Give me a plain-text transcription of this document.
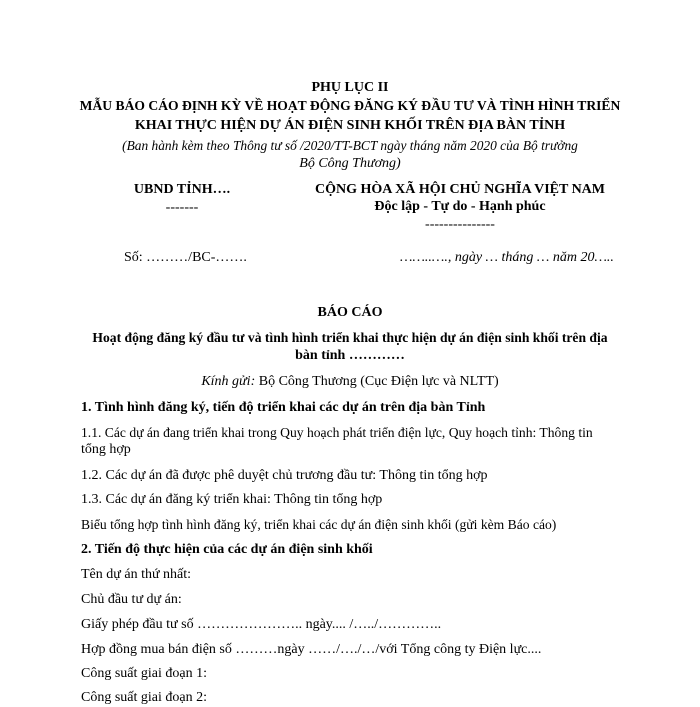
PHỤ LỤC II
MẪU BÁO CÁO ĐỊNH KỲ VỀ HOẠT ĐỘNG ĐĂNG KÝ ĐẦU TƯ VÀ TÌNH HÌNH TRIỂN
KHAI THỰC HIỆN DỰ ÁN ĐIỆN SINH KHỐI TRÊN ĐỊA BÀN TỈNH
(Ban hành kèm theo Thông tư số /2020/TT-BCT ngày tháng năm 2020 của Bộ trưởng
Bộ Công Thương)
UBND TỈNH….
-------
Số: ………/BC-…….
CỘNG HÒA XÃ HỘI CHỦ NGHĨA VIỆT NAM
Độc lập - Tự do - Hạnh phúc
---------------
……..…., ngày … tháng … năm 20…..
BÁO CÁO
Hoạt động đăng ký đầu tư và tình hình triển khai thực hiện dự án điện sinh khối trên địa
bàn tỉnh …………
Kính gửi: Bộ Công Thương (Cục Điện lực và NLTT)
1. Tình hình đăng ký, tiến độ triển khai các dự án trên địa bàn Tỉnh
1.1. Các dự án đang triển khai trong Quy hoạch phát triển điện lực, Quy hoạch tỉnh: Thông tin
tổng hợp
1.2. Các dự án đã được phê duyệt chủ trương đầu tư: Thông tin tổng hợp
1.3. Các dự án đăng ký triển khai: Thông tin tổng hợp
Biểu tổng hợp tình hình đăng ký, triển khai các dự án điện sinh khối (gửi kèm Báo cáo)
2. Tiến độ thực hiện của các dự án điện sinh khối
Tên dự án thứ nhất:
Chủ đầu tư dự án:
Giấy phép đầu tư số ………………….. ngày.... /…../…………..
Hợp đồng mua bán điện số ………ngày ……/…./…/với Tổng công ty Điện lực....
Công suất giai đoạn 1:
Công suất giai đoạn 2:
